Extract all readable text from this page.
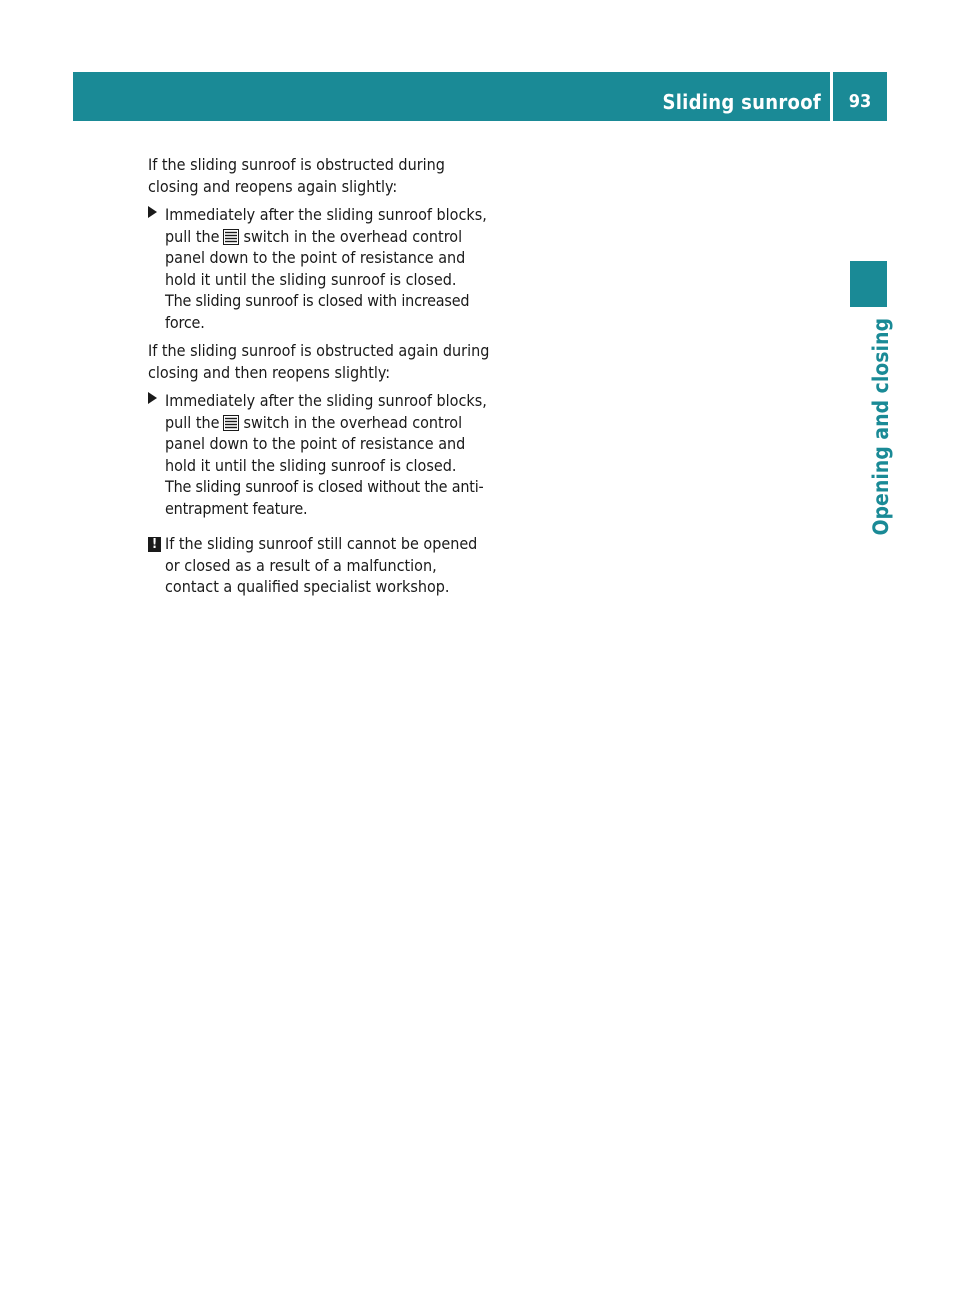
Sliding sunroof	93
Opening and closing

If the sliding sunroof is obstructed during closing and reopens again slightly:

Immediately after the sliding sunroof blocks, pull the switch in the overhead control panel down to the point of resistance and hold it until the sliding sunroof is closed.
The sliding sunroof is closed with increased force.

If the sliding sunroof is obstructed again during closing and then reopens slightly:

Immediately after the sliding sunroof blocks, pull the switch in the overhead control panel down to the point of resistance and hold it until the sliding sunroof is closed.
The sliding sunroof is closed without the anti-entrapment feature.
! If the sliding sunroof still cannot be opened or closed as a result of a malfunction, contact a qualified specialist workshop.
